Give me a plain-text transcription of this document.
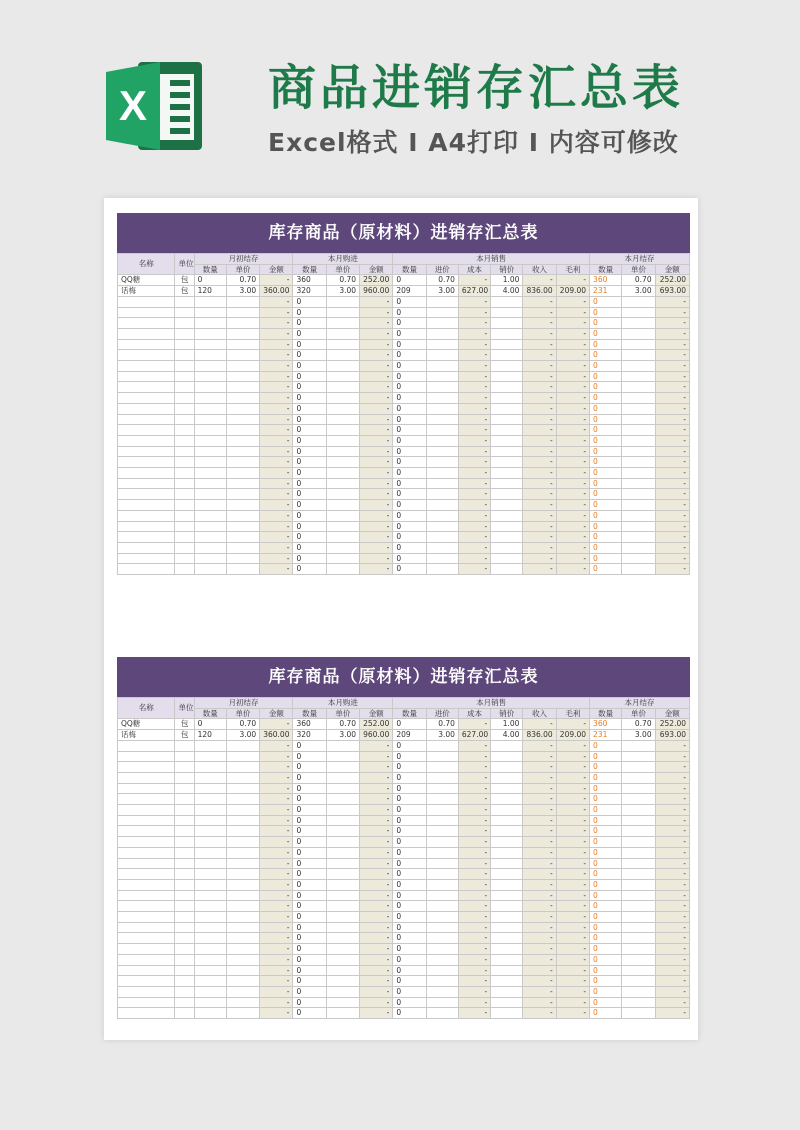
X	商品进销存汇总表
Excel格式 I A4打印 I 内容可修改
库存商品（原材料）进销存汇总表
名称	单位	月初结存			本月购进			本月销售						本月结存		
		数量	单价	金额	数量	单价	金额	数量	进价	成本	销价	收入	毛利	数量	单价	金额
QQ糖	包	0	0.70	-	360	0.70	252.00	0	0.70	-	1.00	-	-	360	0.70	252.00
话梅	包	120	3.00	360.00	320	3.00	960.00	209	3.00	627.00	4.00	836.00	209.00	231	3.00	693.00
				-	0		-	0		-		-	-	0		-
				-	0		-	0		-		-	-	0		-
				-	0		-	0		-		-	-	0		-
				-	0		-	0		-		-	-	0		-
				-	0		-	0		-		-	-	0		-
				-	0		-	0		-		-	-	0		-
				-	0		-	0		-		-	-	0		-
				-	0		-	0		-		-	-	0		-
				-	0		-	0		-		-	-	0		-
				-	0		-	0		-		-	-	0		-
				-	0		-	0		-		-	-	0		-
				-	0		-	0		-		-	-	0		-
				-	0		-	0		-		-	-	0		-
				-	0		-	0		-		-	-	0		-
				-	0		-	0		-		-	-	0		-
				-	0		-	0		-		-	-	0		-
				-	0		-	0		-		-	-	0		-
				-	0		-	0		-		-	-	0		-
				-	0		-	0		-		-	-	0		-
				-	0		-	0		-		-	-	0		-
				-	0		-	0		-		-	-	0		-
				-	0		-	0		-		-	-	0		-
				-	0		-	0		-		-	-	0		-
				-	0		-	0		-		-	-	0		-
				-	0		-	0		-		-	-	0		-
				-	0		-	0		-		-	-	0		-
库存商品（原材料）进销存汇总表
名称	单位	月初结存			本月购进			本月销售						本月结存		
		数量	单价	金额	数量	单价	金额	数量	进价	成本	销价	收入	毛利	数量	单价	金额
QQ糖	包	0	0.70	-	360	0.70	252.00	0	0.70	-	1.00	-	-	360	0.70	252.00
话梅	包	120	3.00	360.00	320	3.00	960.00	209	3.00	627.00	4.00	836.00	209.00	231	3.00	693.00
				-	0		-	0		-		-	-	0		-
				-	0		-	0		-		-	-	0		-
				-	0		-	0		-		-	-	0		-
				-	0		-	0		-		-	-	0		-
				-	0		-	0		-		-	-	0		-
				-	0		-	0		-		-	-	0		-
				-	0		-	0		-		-	-	0		-
				-	0		-	0		-		-	-	0		-
				-	0		-	0		-		-	-	0		-
				-	0		-	0		-		-	-	0		-
				-	0		-	0		-		-	-	0		-
				-	0		-	0		-		-	-	0		-
				-	0		-	0		-		-	-	0		-
				-	0		-	0		-		-	-	0		-
				-	0		-	0		-		-	-	0		-
				-	0		-	0		-		-	-	0		-
				-	0		-	0		-		-	-	0		-
				-	0		-	0		-		-	-	0		-
				-	0		-	0		-		-	-	0		-
				-	0		-	0		-		-	-	0		-
				-	0		-	0		-		-	-	0		-
				-	0		-	0		-		-	-	0		-
				-	0		-	0		-		-	-	0		-
				-	0		-	0		-		-	-	0		-
				-	0		-	0		-		-	-	0		-
				-	0		-	0		-		-	-	0		-
